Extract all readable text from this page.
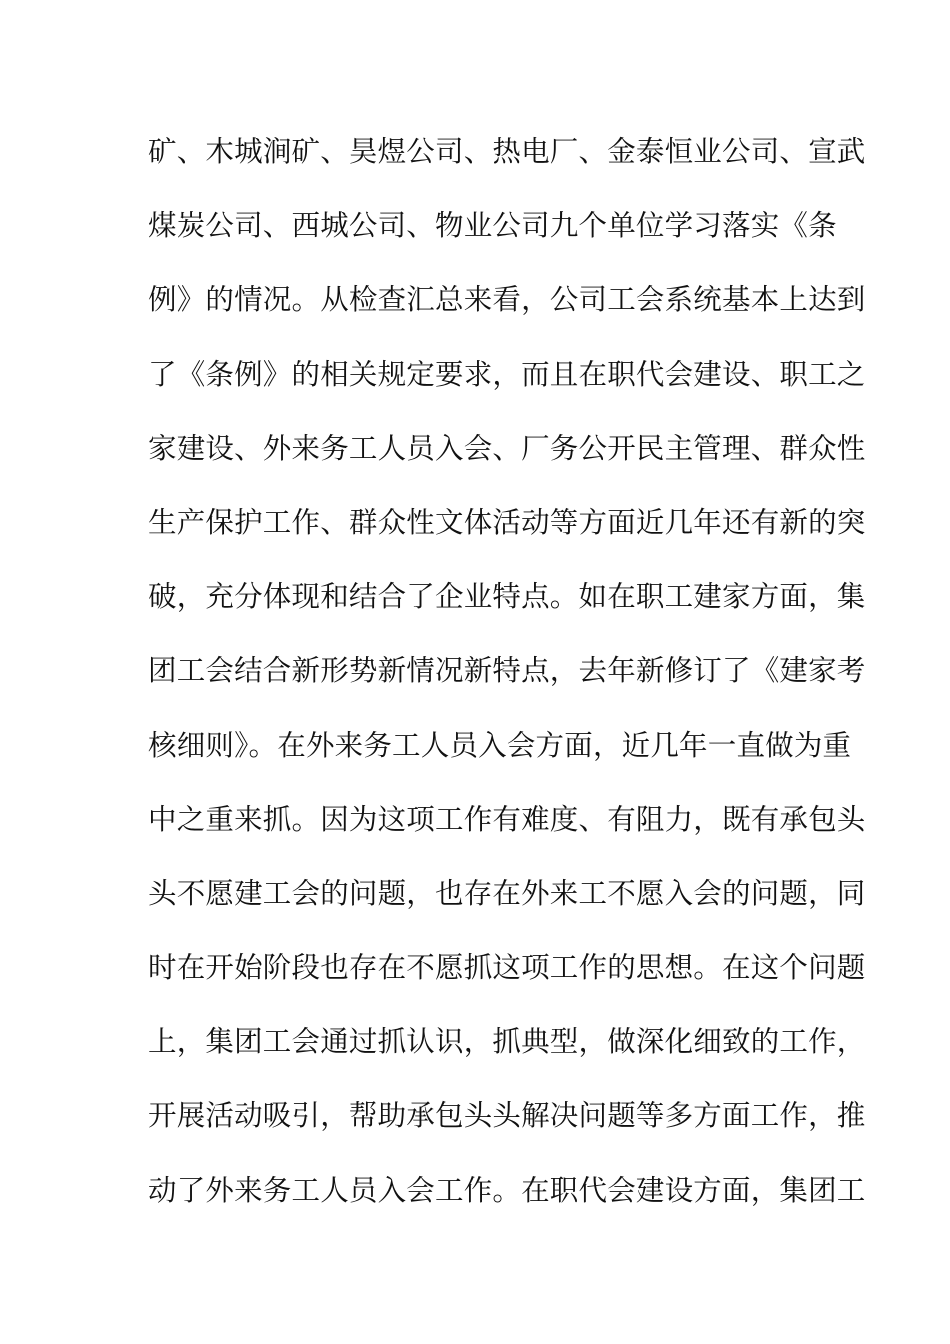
矿、木城涧矿、昊煜公司、热电厂、金泰恒业公司、宣武
煤炭公司、西城公司、物业公司九个单位学习落实《条
例》的情况。从检查汇总来看，公司工会系统基本上达到
了《条例》的相关规定要求，而且在职代会建设、职工之
家建设、外来务工人员入会、厂务公开民主管理、群众性
生产保护工作、群众性文体活动等方面近几年还有新的突
破，充分体现和结合了企业特点。如在职工建家方面，集
团工会结合新形势新情况新特点，去年新修订了《建家考
核细则》。在外来务工人员入会方面，近几年一直做为重
中之重来抓。因为这项工作有难度、有阻力，既有承包头
头不愿建工会的问题，也存在外来工不愿入会的问题，同
时在开始阶段也存在不愿抓这项工作的思想。在这个问题
上，集团工会通过抓认识，抓典型，做深化细致的工作，
开展活动吸引，帮助承包头头解决问题等多方面工作，推
动了外来务工人员入会工作。在职代会建设方面，集团工
